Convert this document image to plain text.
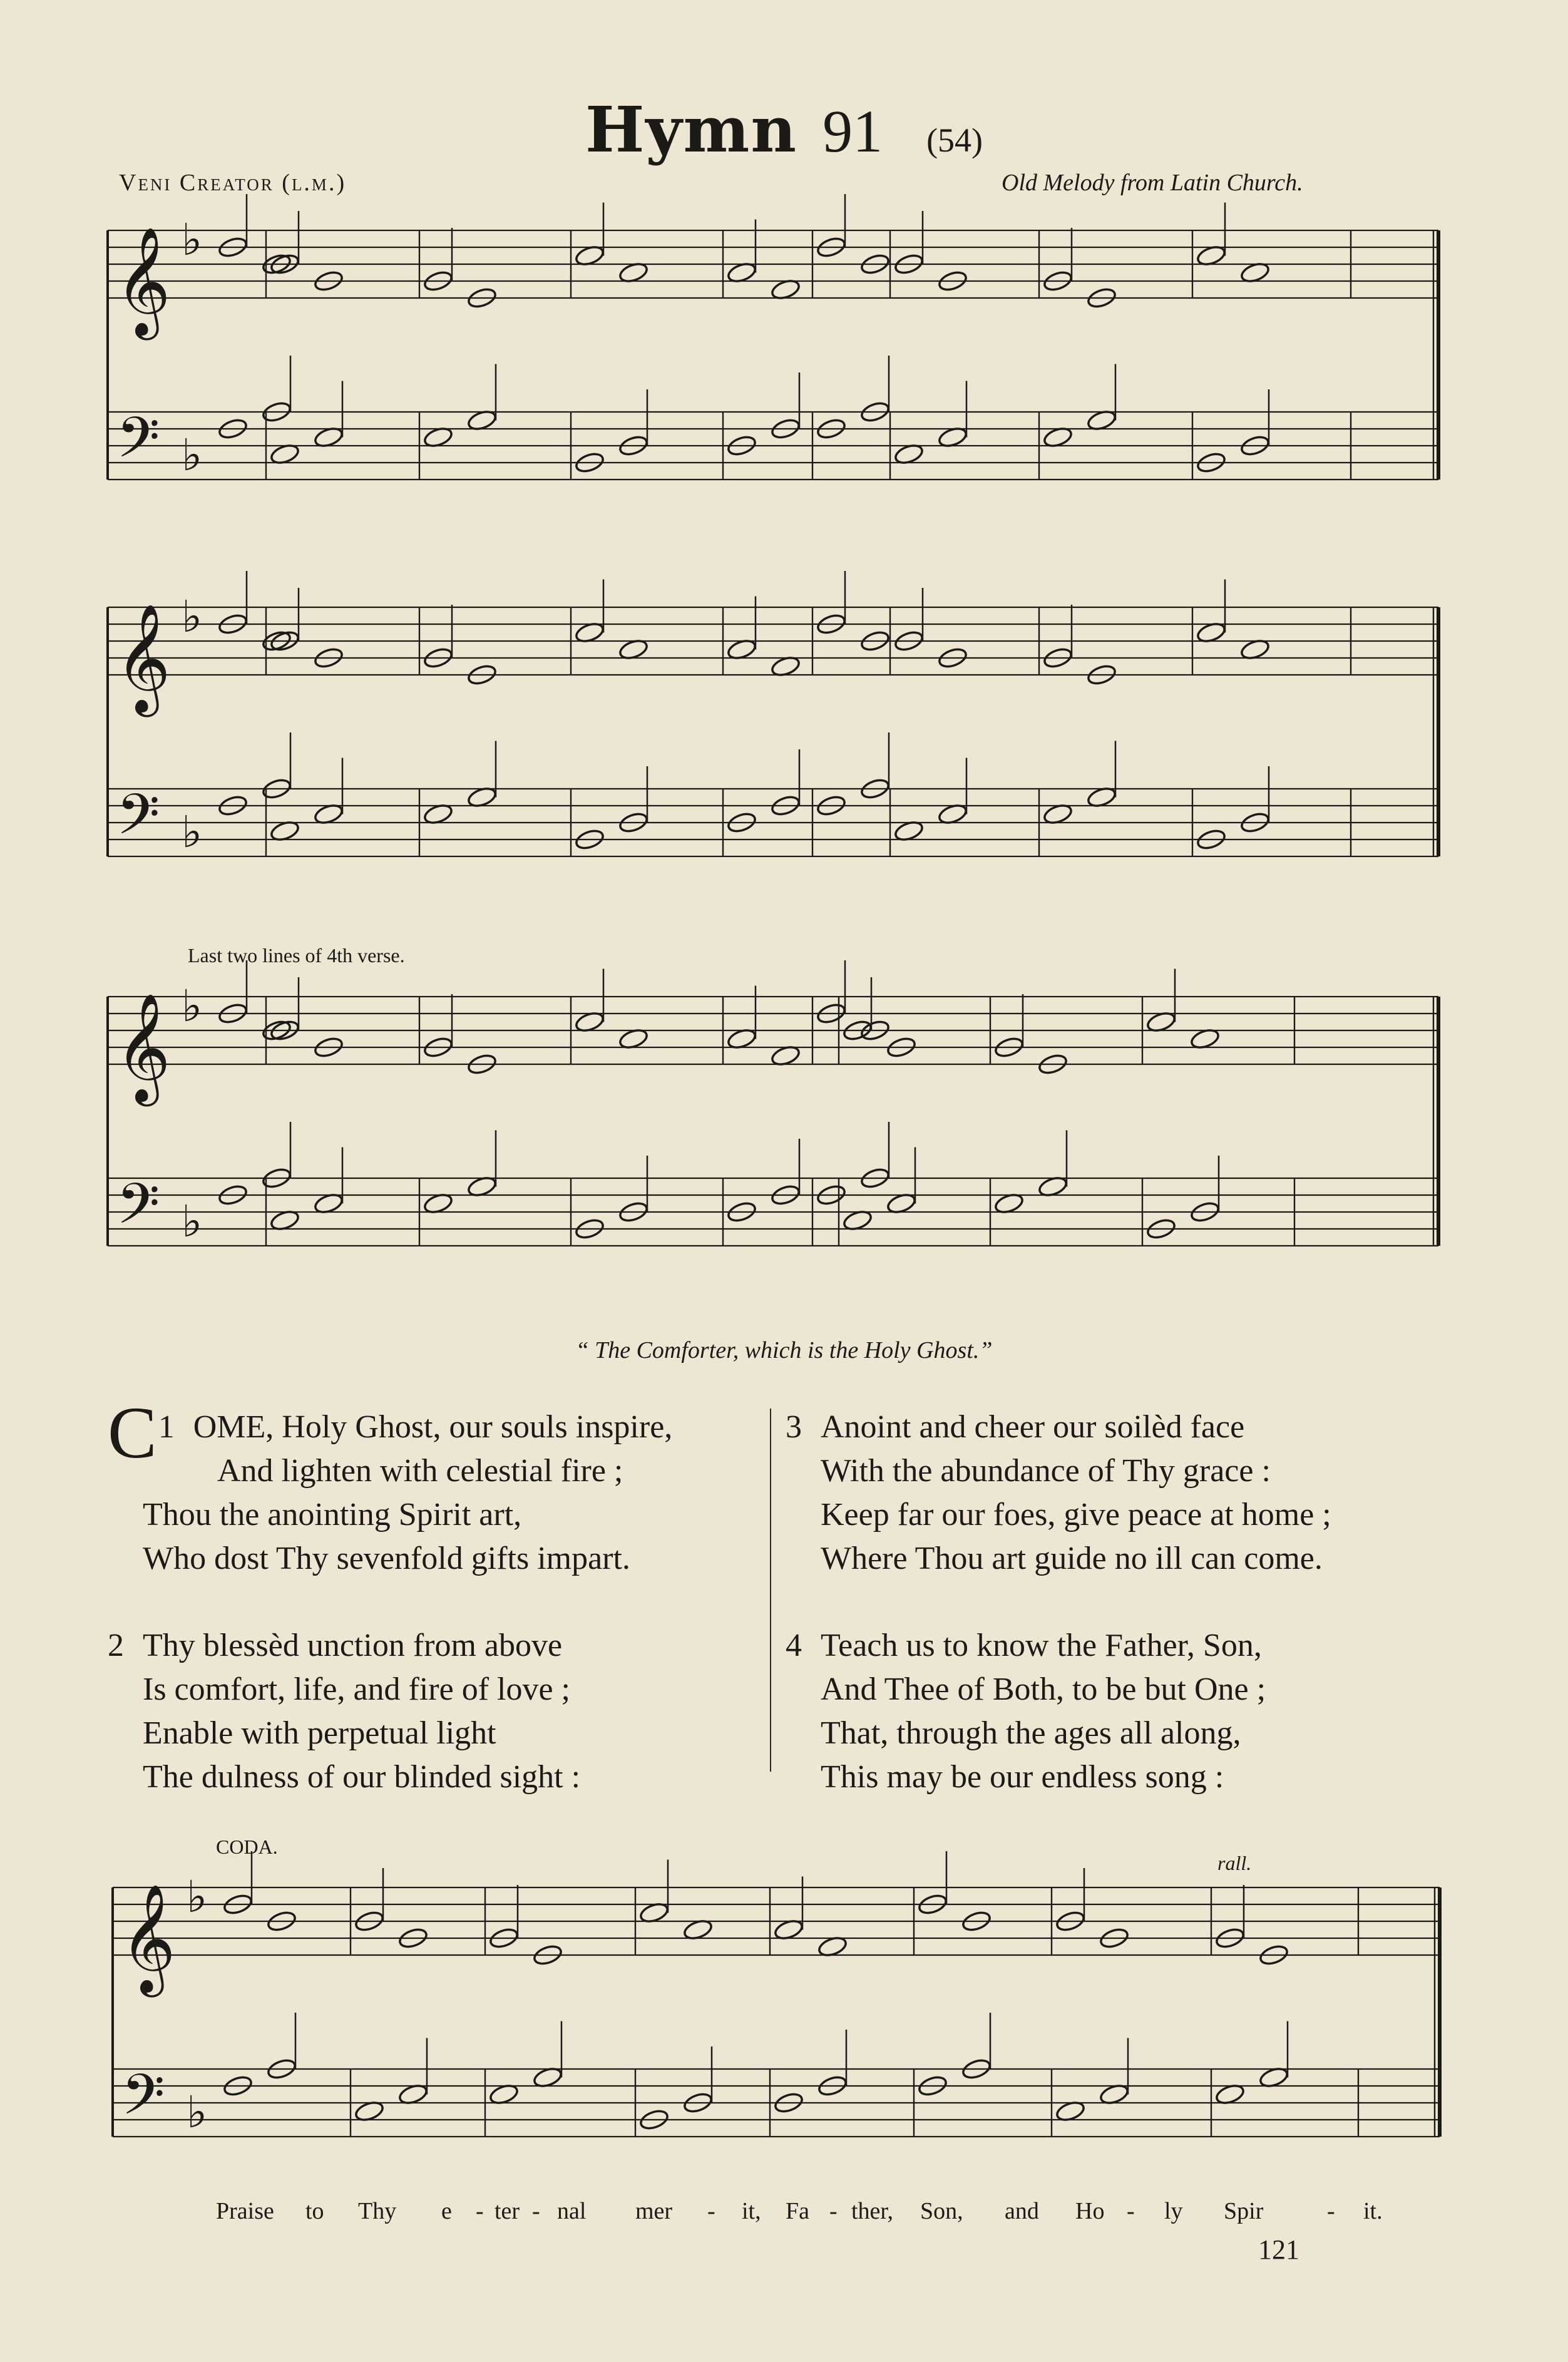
Hymn 91 (54)
Veni Creator (l.m.)	Old Melody from Latin Church.
𝄞
𝄢
♭
♭
𝄞
𝄢
♭
♭
𝄞
𝄢
♭
♭
𝄞
𝄢
♭
♭
Last two lines of 4th verse.
CODA.
rall.
“ The Comforter, which is the Holy Ghost.”
1
C OME, Holy Ghost, our souls inspire,
And lighten with celestial fire ;
Thou the anointing Spirit art,
Who dost Thy sevenfold gifts impart.
2 Thy blessèd unction from above
Is comfort, life, and fire of love ;
Enable with perpetual light
The dulness of our blinded sight :
3 Anoint and cheer our soilèd face
With the abundance of Thy grace :
Keep far our foes, give peace at home ;
Where Thou art guide no ill can come.
4 Teach us to know the Father, Son,
And Thee of Both, to be but One ;
That, through the ages all along,
This may be our endless song :
Praise to Thy e - ter - nal mer - it, Fa - ther, Son, and Ho - ly Spir	- it.
121
